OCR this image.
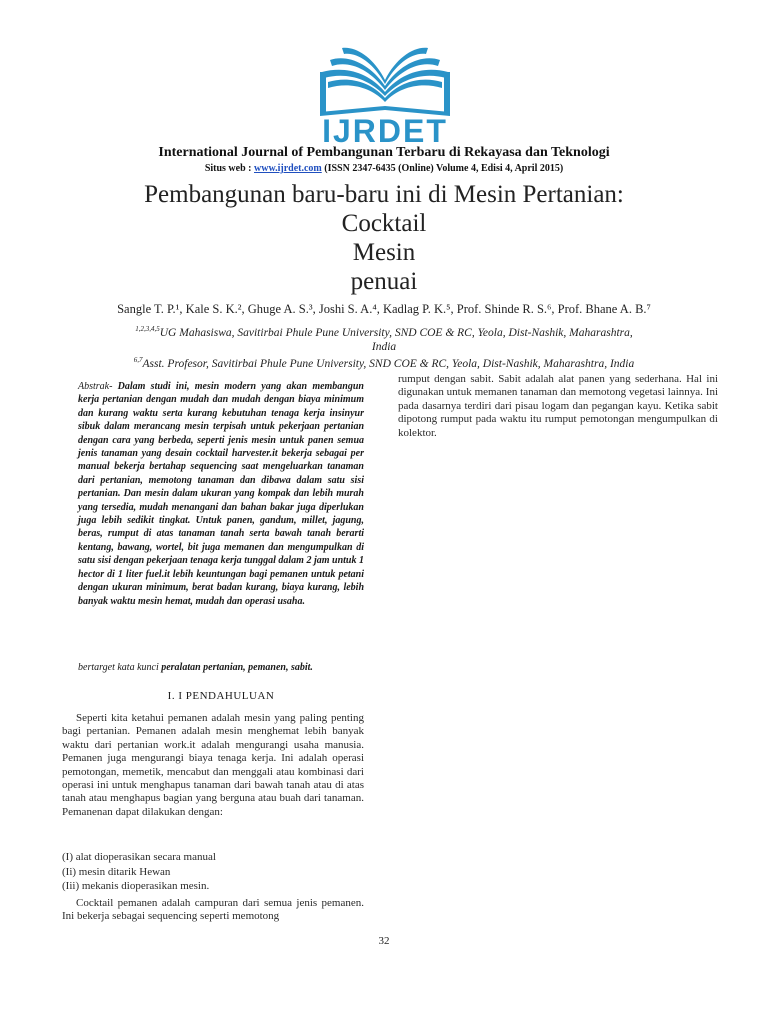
IJRDET
International Journal of Pembangunan Terbaru di Rekayasa dan Teknologi
Situs web : www.ijrdet.com (ISSN 2347-6435 (Online) Volume 4, Edisi 4, April 2015)
Pembangunan baru-baru ini di Mesin Pertanian:
Cocktail
Mesin
penuai
Sangle T. P.¹, Kale S. K.², Ghuge A. S.³, Joshi S. A.⁴, Kadlag P. K.⁵, Prof. Shinde R. S.⁶, Prof. Bhane A. B.⁷
$^{1,2,3,4,5}$UG Mahasiswa, Savitirbai Phule Pune University, SND COE & RC, Yeola, Dist-Nashik, Maharashtra,
India
$^{6,7}$Asst. Profesor, Savitirbai Phule Pune University, SND COE & RC, Yeola, Dist-Nashik, Maharashtra, India
Abstrak- Dalam studi ini, mesin modern yang akan membangun kerja pertanian dengan mudah dan mudah dengan biaya minimum dan kurang waktu serta kurang kebutuhan tenaga kerja insinyur sibuk dalam merancang mesin terpisah untuk pekerjaan pertanian dengan cara yang berbeda, seperti jenis mesin untuk panen semua jenis tanaman yang desain cocktail harvester.it bekerja sebagai per manual bekerja bertahap sequencing saat mengeluarkan tanaman dari pertanian, memotong tanaman dan dibawa dalam satu sisi pertanian. Dan mesin dalam ukuran yang kompak dan lebih murah yang tersedia, mudah menangani dan bahan bakar juga diperlukan juga lebih sedikit tingkat. Untuk panen, gandum, millet, jagung, beras, rumput di atas tanaman tanah serta bawah tanah berarti kentang, bawang, wortel, bit juga memanen dan mengumpulkan di satu sisi dengan pekerjaan tenaga kerja tunggal dalam 2 jam untuk 1 hector di 1 liter fuel.it lebih keuntungan bagi pemanen untuk petani dengan ukuran minimum, berat badan kurang, biaya kurang, lebih banyak waktu mesin hemat, mudah dan operasi usaha.
bertarget kata kunci peralatan pertanian, pemanen, sabit.
I. I PENDAHULUAN
Seperti kita ketahui pemanen adalah mesin yang paling penting bagi pertanian. Pemanen adalah mesin menghemat lebih banyak waktu dari pertanian work.it adalah mengurangi usaha manusia. Pemanen juga mengurangi biaya tenaga kerja. Ini adalah operasi pemotongan, memetik, mencabut dan menggali atau kombinasi dari operasi ini untuk menghapus tanaman dari bawah tanah atau di atas tanah atau menghapus bagian yang berguna atau buah dari tanaman. Pemanenan dapat dilakukan dengan:
(I) alat dioperasikan secara manual
(Ii) mesin ditarik Hewan
(Iii) mekanis dioperasikan mesin.
Cocktail pemanen adalah campuran dari semua jenis pemanen. Ini bekerja sebagai sequencing seperti memotong
rumput dengan sabit. Sabit adalah alat panen yang sederhana. Hal ini digunakan untuk memanen tanaman dan memotong vegetasi lainnya. Ini pada dasarnya terdiri dari pisau logam dan pegangan kayu. Ketika sabit dipotong rumput pada waktu itu rumput pemotongan mengumpulkan di kolektor.
32
